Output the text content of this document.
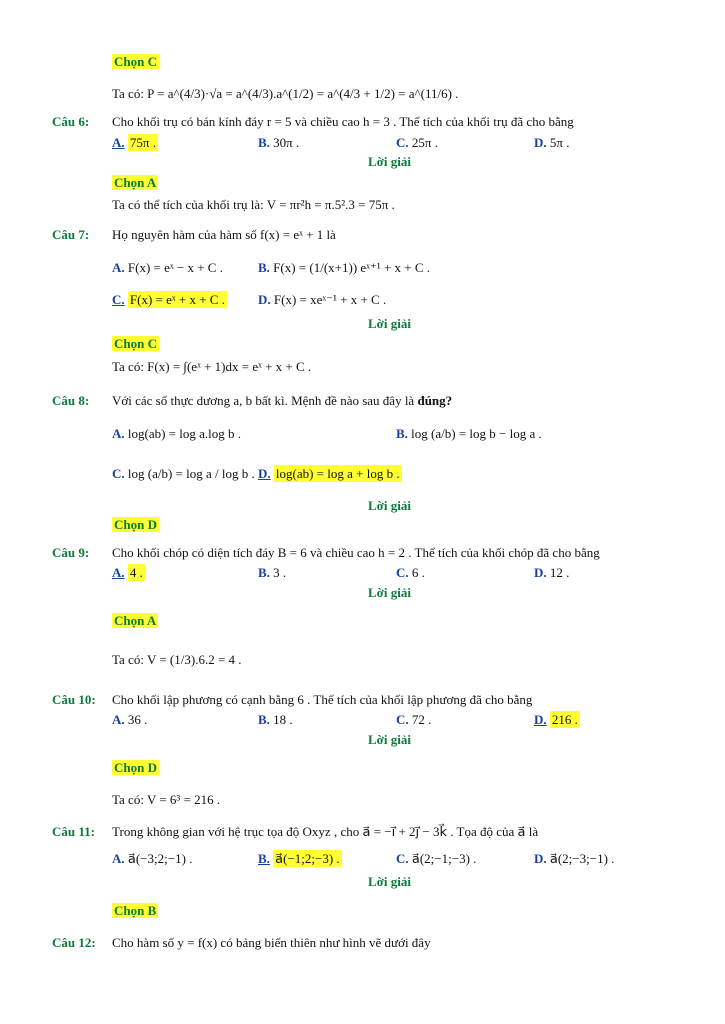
Chọn C
Ta có: P = a^(4/3)·√a = a^(4/3).a^(1/2) = a^(4/3 + 1/2) = a^(11/6) .
Câu 6: Cho khối trụ có bán kính đáy r = 5 và chiều cao h = 3 . Thể tích của khối trụ đã cho bằng
A. 75π .	B. 30π .	C. 25π .	D. 5π .
Lời giải
Chọn A
Ta có thể tích của khối trụ là: V = πr²h = π.5².3 = 75π .
Câu 7: Họ nguyên hàm của hàm số f(x) = eˣ + 1 là
A. F(x) = eˣ − x + C .	B. F(x) = (1/(x+1)) eˣ⁺¹ + x + C .
C. F(x) = eˣ + x + C .	D. F(x) = xeˣ⁻¹ + x + C .
Lời giải
Chọn C
Ta có: F(x) = ∫(eˣ + 1)dx = eˣ + x + C .
Câu 8: Với các số thực dương a, b bất kì. Mệnh đề nào sau đây là đúng?
A. log(ab) = log a.log b .	B. log (a/b) = log b − log a .
C. log (a/b) = log a / log b . D. log(ab) = log a + log b .
Lời giải
Chọn D
Câu 9: Cho khối chóp có diện tích đáy B = 6 và chiều cao h = 2 . Thể tích của khối chóp đã cho bằng
A. 4 .	B. 3 .	C. 6 .	D. 12 .
Lời giải
Chọn A
Ta có: V = (1/3).6.2 = 4 .
Câu 10: Cho khối lập phương có cạnh bằng 6 . Thể tích của khối lập phương đã cho bằng
A. 36 .	B. 18 .	C. 72 .	D. 216 .
Lời giải
Chọn D
Ta có: V = 6³ = 216 .
Câu 11: Trong không gian với hệ trục tọa độ Oxyz , cho a⃗ = −i⃗ + 2j⃗ − 3k⃗ . Tọa độ của a⃗ là
A. a⃗(−3;2;−1) .	B. a⃗(−1;2;−3) .	C. a⃗(2;−1;−3) .	D. a⃗(2;−3;−1) .
Lời giải
Chọn B
Câu 12: Cho hàm số y = f(x) có bảng biến thiên như hình vẽ dưới đây
